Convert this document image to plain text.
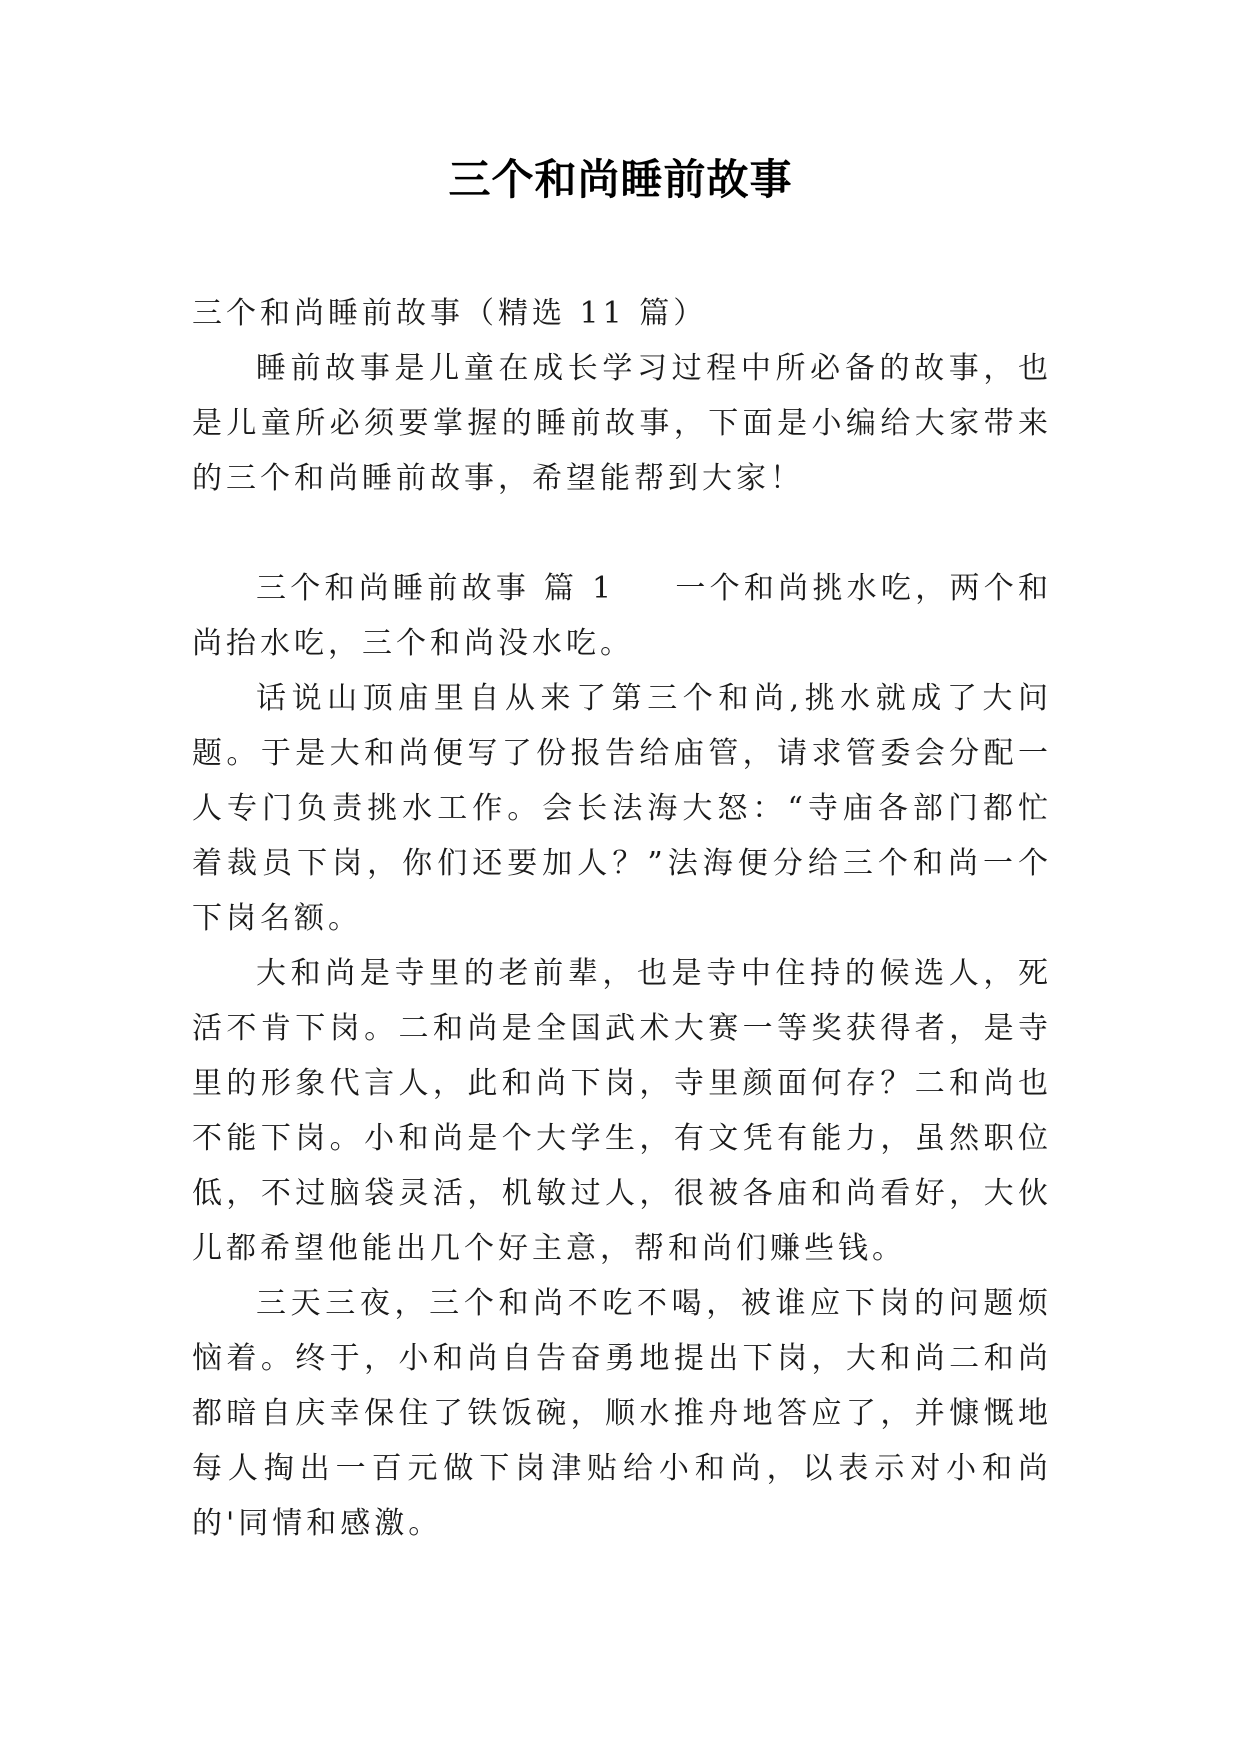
三个和尚睡前故事

三个和尚睡前故事（精选 11 篇）

睡前故事是儿童在成长学习过程中所必备的故事，也是儿童所必须要掌握的睡前故事，下面是小编给大家带来的三个和尚睡前故事，希望能帮到大家！

三个和尚睡前故事 篇 1 一个和尚挑水吃，两个和尚抬水吃，三个和尚没水吃。

话说山顶庙里自从来了第三个和尚,挑水就成了大问题。于是大和尚便写了份报告给庙管，请求管委会分配一人专门负责挑水工作。会长法海大怒：“寺庙各部门都忙着裁员下岗，你们还要加人？”法海便分给三个和尚一个下岗名额。

大和尚是寺里的老前辈，也是寺中住持的候选人，死活不肯下岗。二和尚是全国武术大赛一等奖获得者，是寺里的形象代言人，此和尚下岗，寺里颜面何存？二和尚也不能下岗。小和尚是个大学生，有文凭有能力，虽然职位低，不过脑袋灵活，机敏过人，很被各庙和尚看好，大伙儿都希望他能出几个好主意，帮和尚们赚些钱。

三天三夜，三个和尚不吃不喝，被谁应下岗的问题烦恼着。终于，小和尚自告奋勇地提出下岗，大和尚二和尚都暗自庆幸保住了铁饭碗，顺水推舟地答应了，并慷慨地每人掏出一百元做下岗津贴给小和尚，以表示对小和尚的'同情和感激。
